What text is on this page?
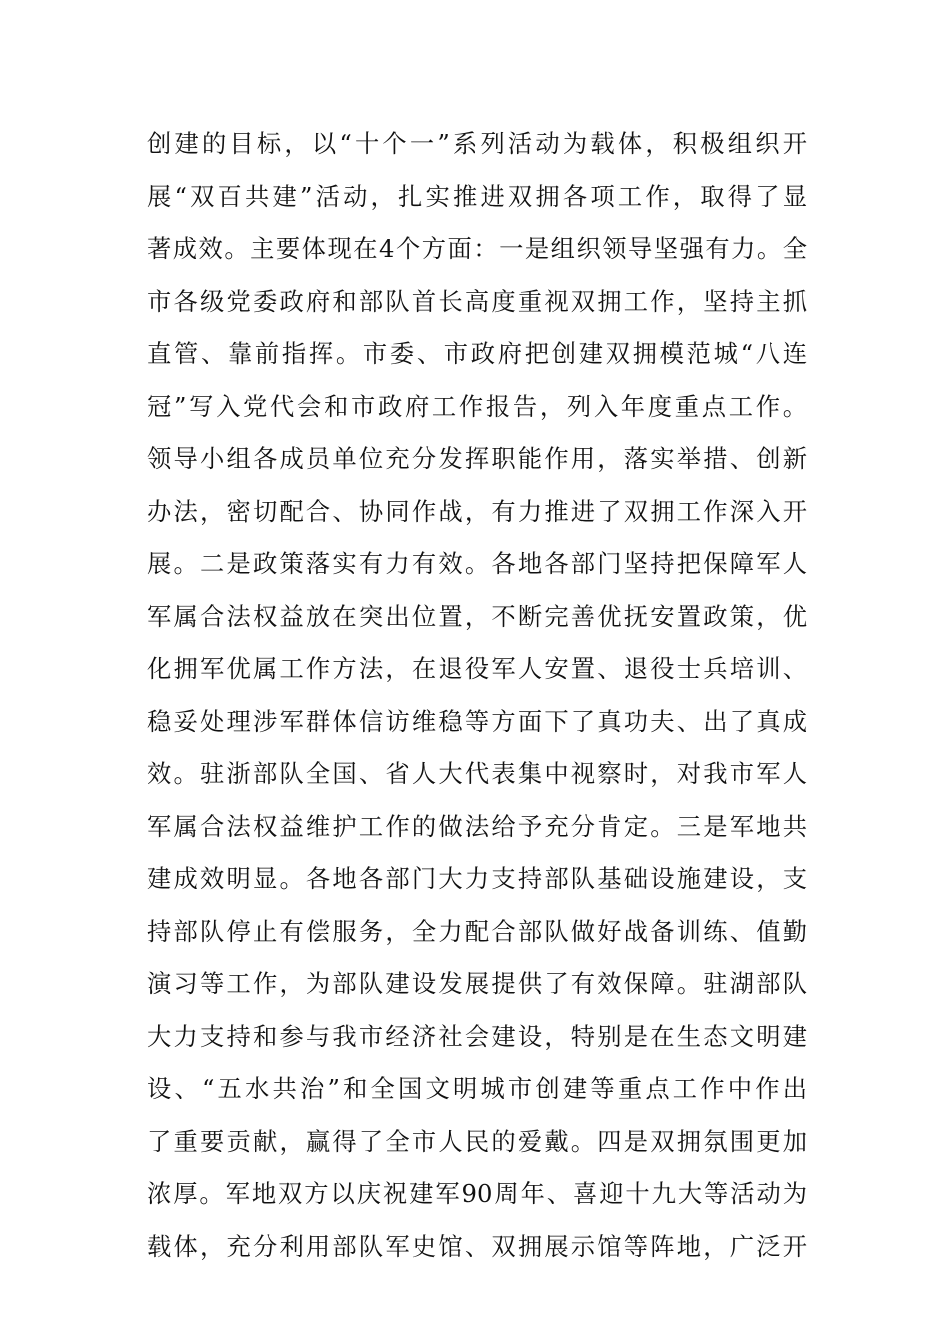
创建的目标，以“十个一”系列活动为载体，积极组织开
展“双百共建”活动，扎实推进双拥各项工作，取得了显
著成效。主要体现在4个方面：一是组织领导坚强有力。全
市各级党委政府和部队首长高度重视双拥工作，坚持主抓
直管、靠前指挥。市委、市政府把创建双拥模范城“八连
冠”写入党代会和市政府工作报告，列入年度重点工作。
领导小组各成员单位充分发挥职能作用，落实举措、创新
办法，密切配合、协同作战，有力推进了双拥工作深入开
展。二是政策落实有力有效。各地各部门坚持把保障军人
军属合法权益放在突出位置，不断完善优抚安置政策，优
化拥军优属工作方法，在退役军人安置、退役士兵培训、
稳妥处理涉军群体信访维稳等方面下了真功夫、出了真成
效。驻浙部队全国、省人大代表集中视察时，对我市军人
军属合法权益维护工作的做法给予充分肯定。三是军地共
建成效明显。各地各部门大力支持部队基础设施建设，支
持部队停止有偿服务，全力配合部队做好战备训练、值勤
演习等工作，为部队建设发展提供了有效保障。驻湖部队
大力支持和参与我市经济社会建设，特别是在生态文明建
设、“五水共治”和全国文明城市创建等重点工作中作出
了重要贡献，赢得了全市人民的爱戴。四是双拥氛围更加
浓厚。军地双方以庆祝建军90周年、喜迎十九大等活动为
载体，充分利用部队军史馆、双拥展示馆等阵地，广泛开
